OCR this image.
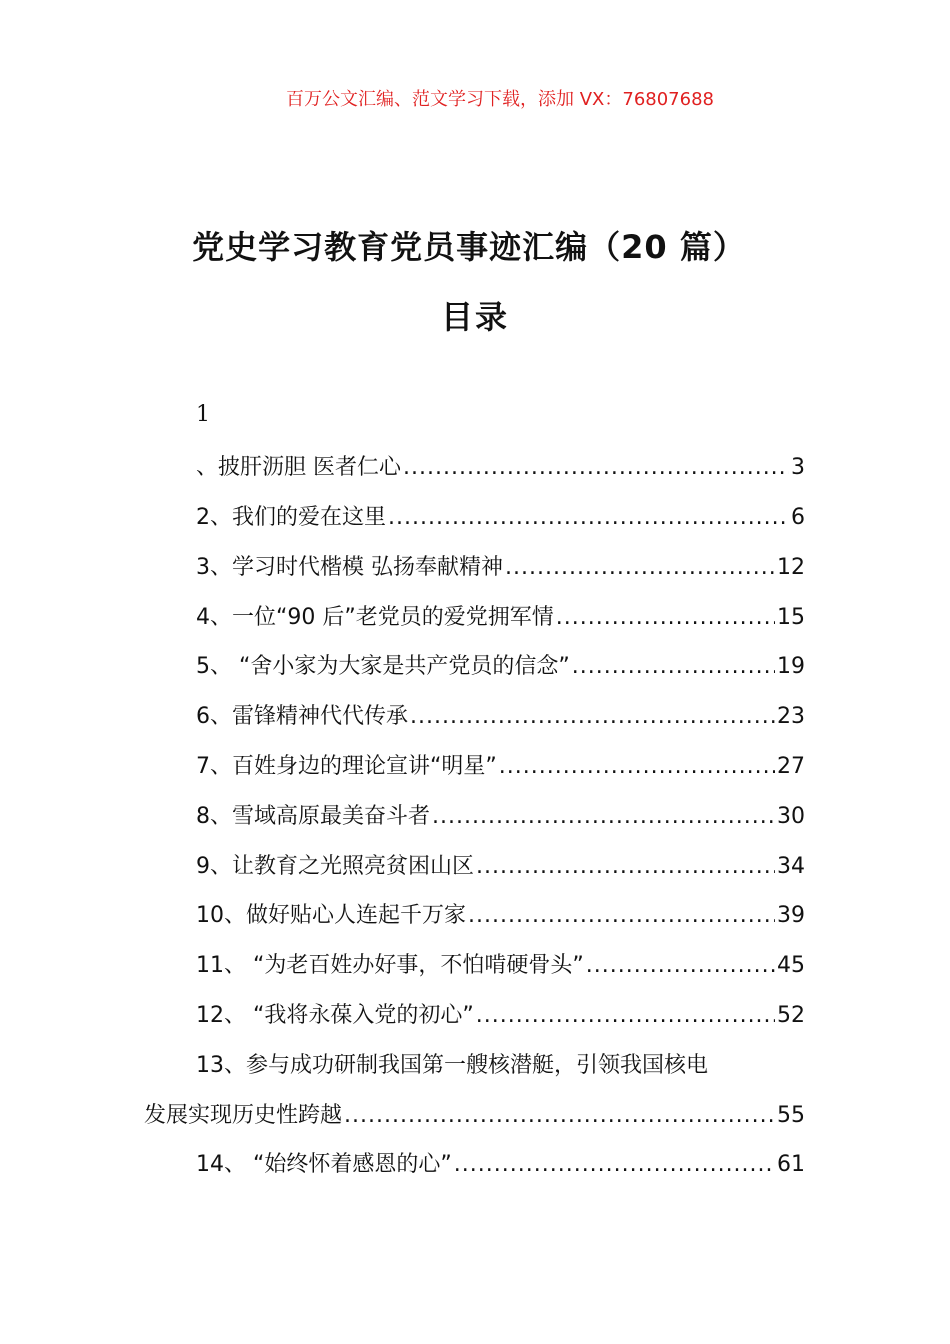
百万公文汇编、范文学习下载，添加 VX：76807688
党史学习教育党员事迹汇编（20 篇）
目录
1
、披肝沥胆 医者仁心 .....	3
2、我们的爱在这里 .....	6
3、学习时代楷模 弘扬奉献精神 .....	12
4、一位“90 后”老党员的爱党拥军情 .....	15
5、 “舍小家为大家是共产党员的信念” .....	19
6、雷锋精神代代传承 .....	23
7、百姓身边的理论宣讲“明星” .....	27
8、雪域高原最美奋斗者 .....	30
9、让教育之光照亮贫困山区 .....	34
10、做好贴心人连起千万家 .....	39
11、 “为老百姓办好事，不怕啃硬骨头” .....	45
12、 “我将永葆入党的初心” .....	52
13、参与成功研制我国第一艘核潜艇，引领我国核电
发展实现历史性跨越 .....	55
14、 “始终怀着感恩的心” .....	61
